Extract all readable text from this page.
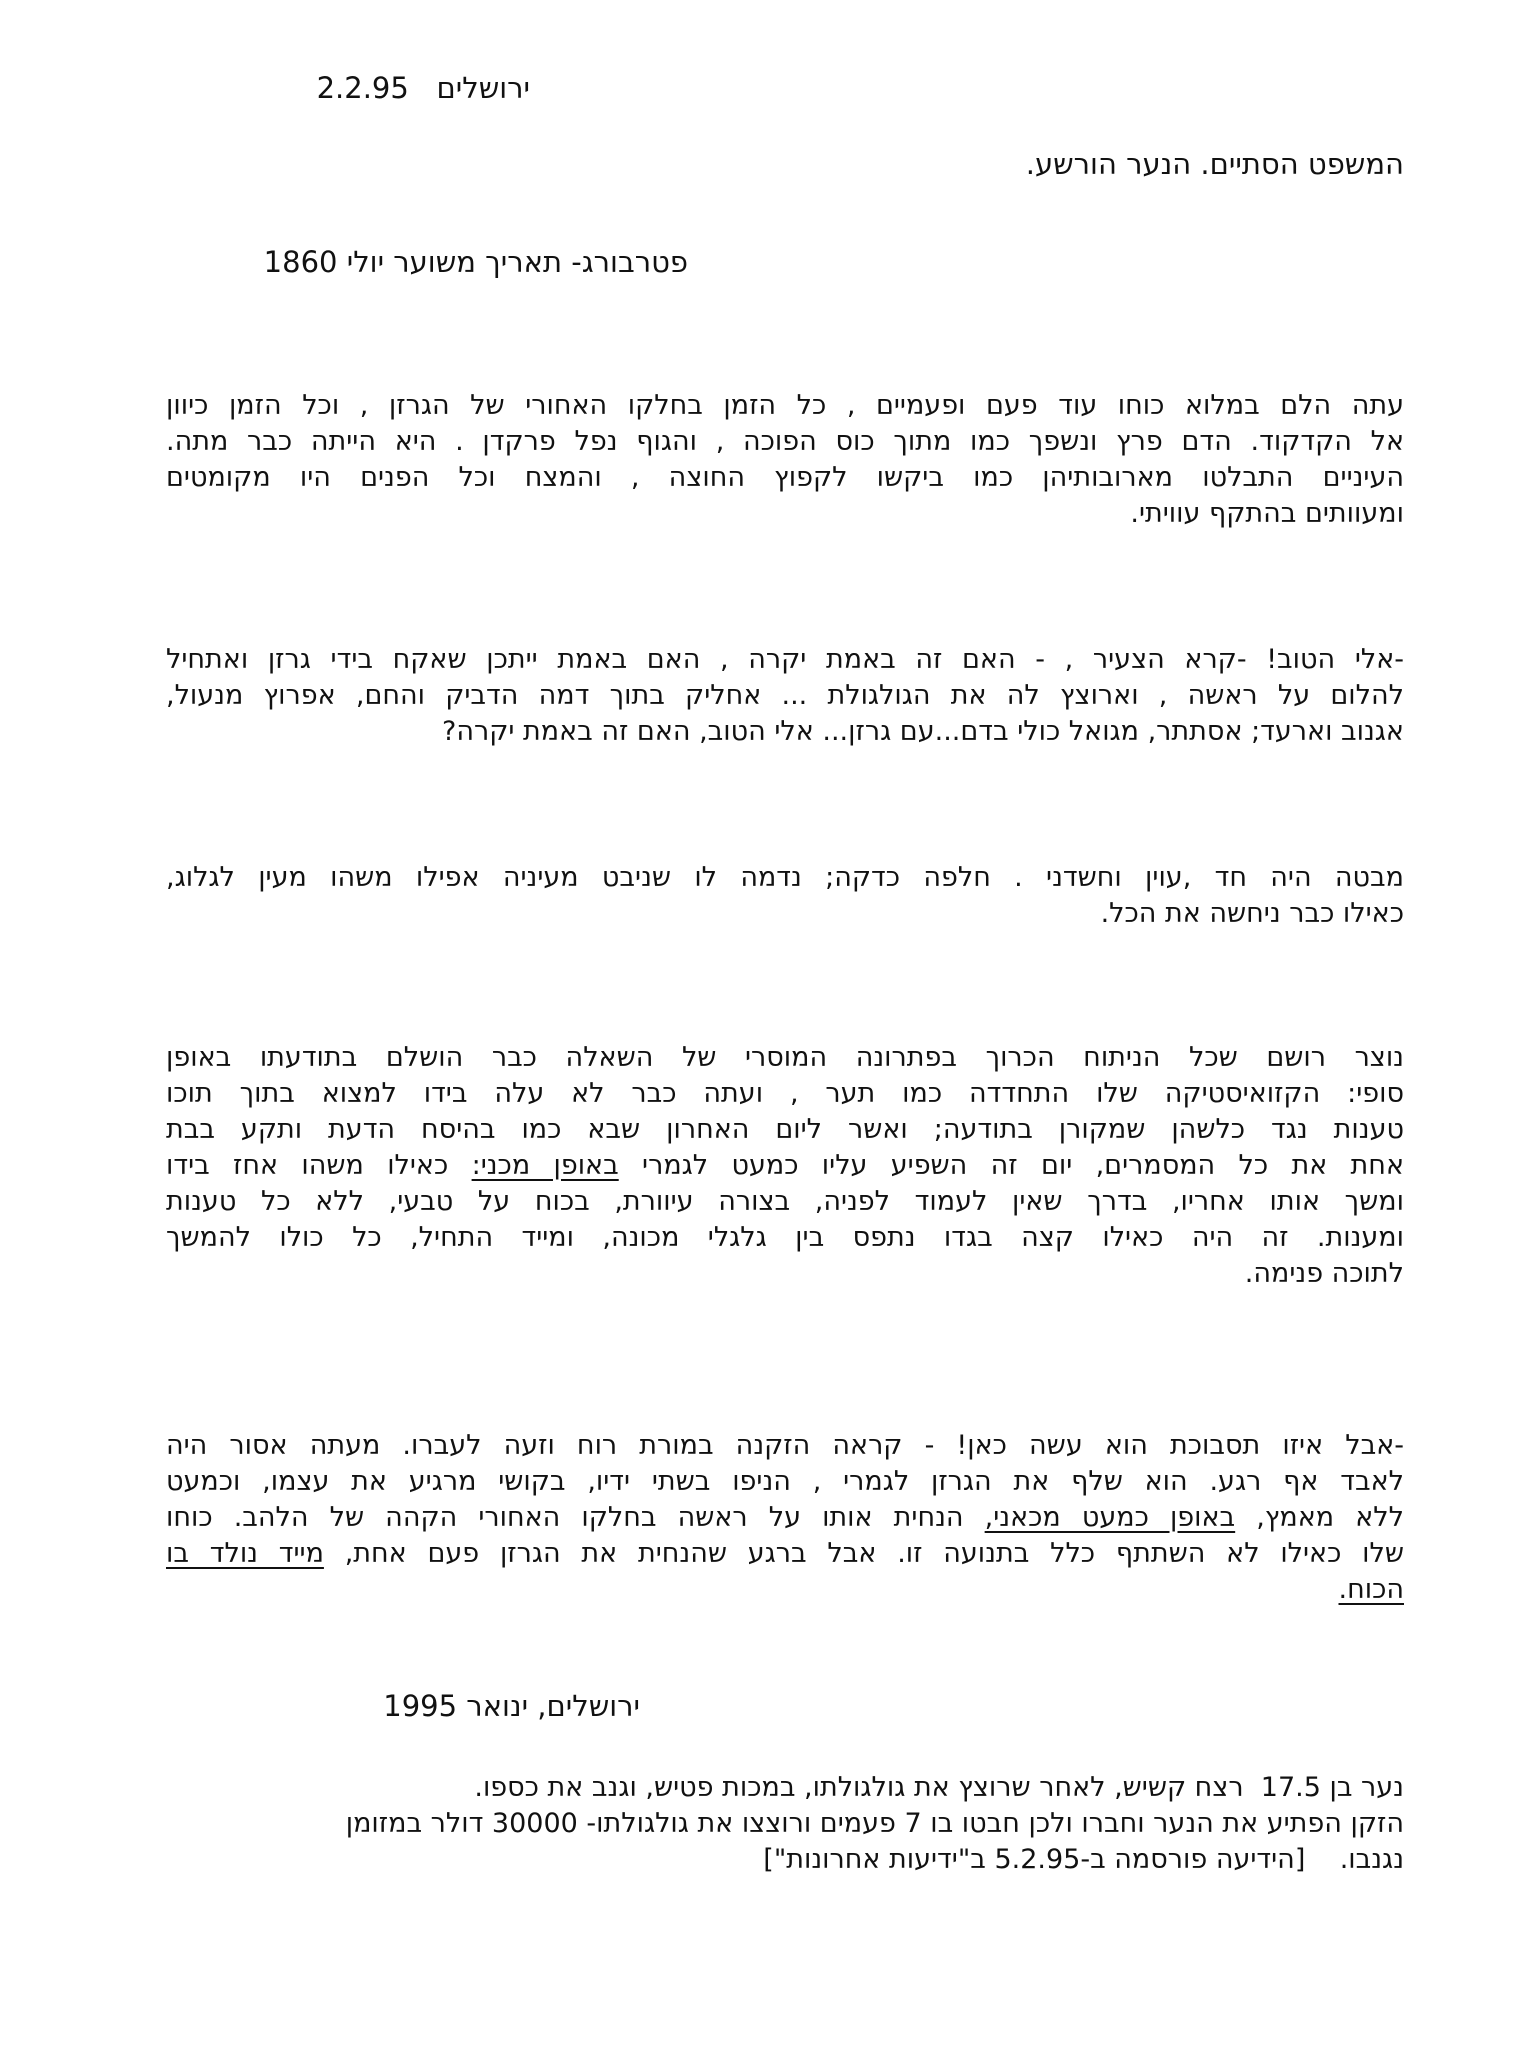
ירושלים   2.2.95
המשפט הסתיים. הנער הורשע.
פטרבורג- תאריך משוער יולי 1860
עתה הלם במלוא כוחו עוד פעם ופעמיים , כל הזמן בחלקו האחורי של הגרזן , וכל הזמן כיוון
אל הקדקוד. הדם פרץ ונשפך כמו מתוך כוס הפוכה , והגוף נפל פרקדן . היא הייתה כבר מתה.
העיניים התבלטו מארובותיהן כמו ביקשו לקפוץ החוצה , והמצח וכל הפנים היו מקומטים
ומעוותים בהתקף עוויתי.
-אלי הטוב! -קרא הצעיר , - האם זה באמת יקרה , האם באמת ייתכן שאקח בידי גרזן ואתחיל
להלום על ראשה , וארוצץ לה את הגולגולת ... אחליק בתוך דמה הדביק והחם, אפרוץ מנעול,
אגנוב וארעד; אסתתר, מגואל כולי בדם...עם גרזן... אלי הטוב, האם זה באמת יקרה?
מבטה היה חד ,עוין וחשדני . חלפה כדקה; נדמה לו שניבט מעיניה אפילו משהו מעין לגלוג,
כאילו כבר ניחשה את הכל.
נוצר רושם שכל הניתוח הכרוך בפתרונה המוסרי של השאלה כבר הושלם בתודעתו באופן
סופי: הקזואיסטיקה שלו התחדדה כמו תער , ועתה כבר לא עלה בידו למצוא בתוך תוכו
טענות נגד כלשהן שמקורן בתודעה; ואשר ליום האחרון שבא כמו בהיסח הדעת ותקע בבת
אחת את כל המסמרים, יום זה השפיע עליו כמעט לגמרי באופן מכני: כאילו משהו אחז בידו
ומשך אותו אחריו, בדרך שאין לעמוד לפניה, בצורה עיוורת, בכוח על טבעי, ללא כל טענות
ומענות. זה היה כאילו קצה בגדו נתפס בין גלגלי מכונה, ומייד התחיל, כל כולו להמשך
לתוכה פנימה.
-אבל איזו תסבוכת הוא עשה כאן! - קראה הזקנה במורת רוח וזעה לעברו. מעתה אסור היה
לאבד אף רגע. הוא שלף את הגרזן לגמרי , הניפו בשתי ידיו, בקושי מרגיע את עצמו, וכמעט
ללא מאמץ, באופן כמעט מכאני, הנחית אותו על ראשה בחלקו האחורי הקהה של הלהב. כוחו
שלו כאילו לא השתתף כלל בתנועה זו. אבל ברגע שהנחית את הגרזן פעם אחת, מייד נולד בו
הכוח.
ירושלים, ינואר 1995
נער בן 17.5  רצח קשיש, לאחר שרוצץ את גולגולתו, במכות פטיש, וגנב את כספו.
הזקן הפתיע את הנער וחברו ולכן חבטו בו 7 פעמים ורוצצו את גולגולתו- 30000 דולר במזומן
נגנבו.    [הידיעה פורסמה ב-5.2.95 ב"ידיעות אחרונות"]
